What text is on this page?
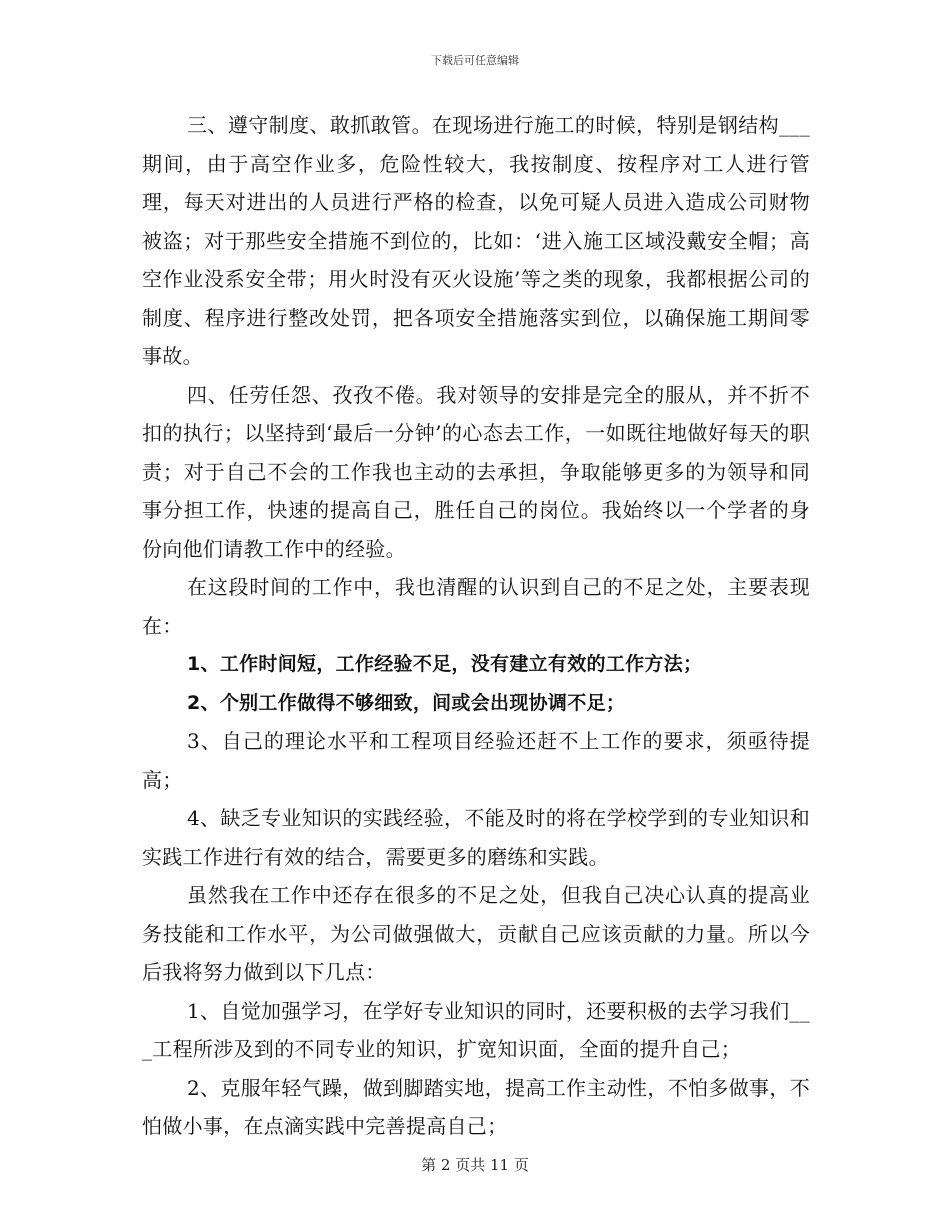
下载后可任意编辑

三、遵守制度、敢抓敢管。在现场进行施工的时候，特别是钢结构___期间，由于高空作业多，危险性较大，我按制度、按程序对工人进行管理，每天对进出的人员进行严格的检查，以免可疑人员进入造成公司财物被盗；对于那些安全措施不到位的，比如：‘进入施工区域没戴安全帽；高空作业没系安全带；用火时没有灭火设施’等之类的现象，我都根据公司的制度、程序进行整改处罚，把各项安全措施落实到位，以确保施工期间零事故。

四、任劳任怨、孜孜不倦。我对领导的安排是完全的服从，并不折不扣的执行；以坚持到‘最后一分钟’的心态去工作，一如既往地做好每天的职责；对于自己不会的工作我也主动的去承担，争取能够更多的为领导和同事分担工作，快速的提高自己，胜任自己的岗位。我始终以一个学者的身份向他们请教工作中的经验。

在这段时间的工作中，我也清醒的认识到自己的不足之处，主要表现在：

1、工作时间短，工作经验不足，没有建立有效的工作方法；

2、个别工作做得不够细致，间或会出现协调不足；

3、自己的理论水平和工程项目经验还赶不上工作的要求，须亟待提高；

4、缺乏专业知识的实践经验，不能及时的将在学校学到的专业知识和实践工作进行有效的结合，需要更多的磨练和实践。

虽然我在工作中还存在很多的不足之处，但我自己决心认真的提高业务技能和工作水平，为公司做强做大，贡献自己应该贡献的力量。所以今后我将努力做到以下几点：

1、自觉加强学习，在学好专业知识的同时，还要积极的去学习我们___工程所涉及到的不同专业的知识，扩宽知识面，全面的提升自己；

2、克服年轻气躁，做到脚踏实地，提高工作主动性，不怕多做事，不怕做小事，在点滴实践中完善提高自己；

第 2 页共 11 页
